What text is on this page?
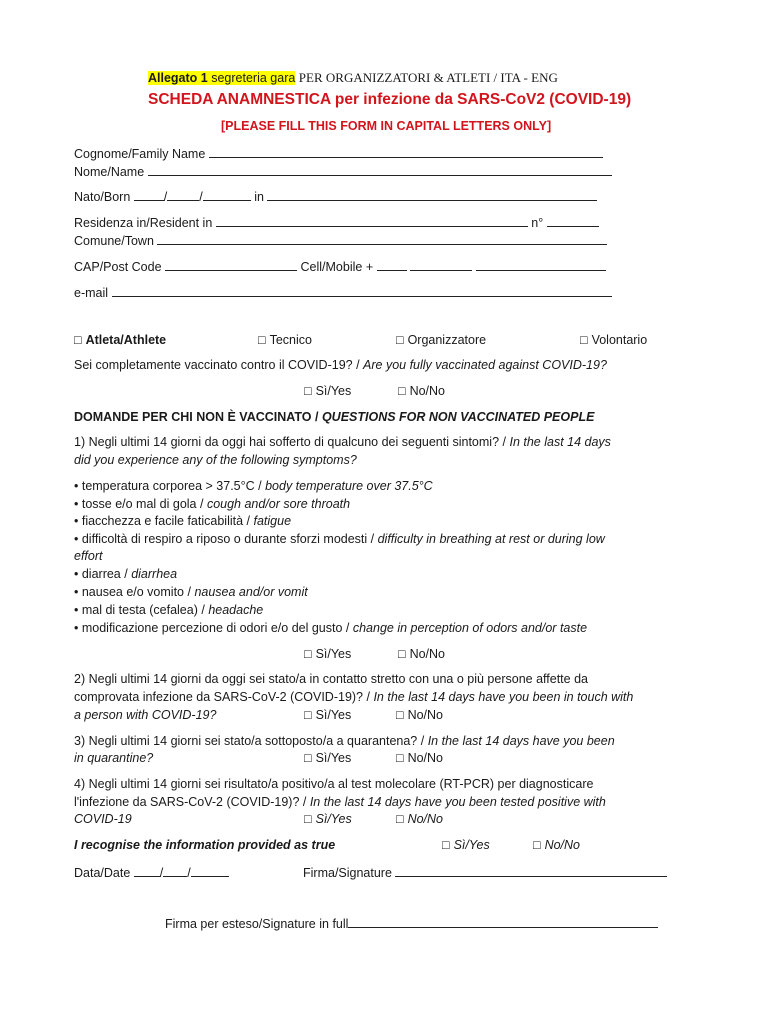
Allegato 1 segreteria gara PER ORGANIZZATORI & ATLETI / ITA - ENG
SCHEDA ANAMNESTICA per infezione da SARS-CoV2 (COVID-19)
[PLEASE FILL THIS FORM IN CAPITAL LETTERS ONLY]
Cognome/Family Name
Nome/Name
Nato/Born	/	/	in
Residenza in/Resident in	n°
Comune/Town
CAP/Post Code	Cell/Mobile +
e-mail
□ Atleta/Athlete	□ Tecnico	□ Organizzatore	□ Volontario
Sei completamente vaccinato contro il COVID-19? / Are you fully vaccinated against COVID-19?
□ Sì/Yes	□ No/No
DOMANDE PER CHI NON È VACCINATO / QUESTIONS FOR NON VACCINATED PEOPLE
1) Negli ultimi 14 giorni da oggi hai sofferto di qualcuno dei seguenti sintomi? / In the last 14 days
did you experience any of the following symptoms?
• temperatura corporea > 37.5°C / body temperature over 37.5°C
• tosse e/o mal di gola / cough and/or sore throath
• fiacchezza e facile faticabilità / fatigue
• difficoltà di respiro a riposo o durante sforzi modesti / difficulty in breathing at rest or during low
effort
• diarrea / diarrhea
• nausea e/o vomito / nausea and/or vomit
• mal di testa (cefalea) / headache
• modificazione percezione di odori e/o del gusto / change in perception of odors and/or taste
□ Sì/Yes	□ No/No
2) Negli ultimi 14 giorni da oggi sei stato/a in contatto stretto con una o più persone affette da
comprovata infezione da SARS-CoV-2 (COVID-19)? / In the last 14 days have you been in touch with
a person with COVID-19?	□ Sì/Yes	□ No/No
3) Negli ultimi 14 giorni sei stato/a sottoposto/a a quarantena? / In the last 14 days have you been
in quarantine?	□ Sì/Yes	□ No/No
4) Negli ultimi 14 giorni sei risultato/a positivo/a al test molecolare (RT-PCR) per diagnosticare
l'infezione da SARS-CoV-2 (COVID-19)? / In the last 14 days have you been tested positive with
COVID-19	□ Sì/Yes	□ No/No
I recognise the information provided as true	□ Sì/Yes	□ No/No
Data/Date / /	Firma/Signature
Firma per esteso/Signature in full
